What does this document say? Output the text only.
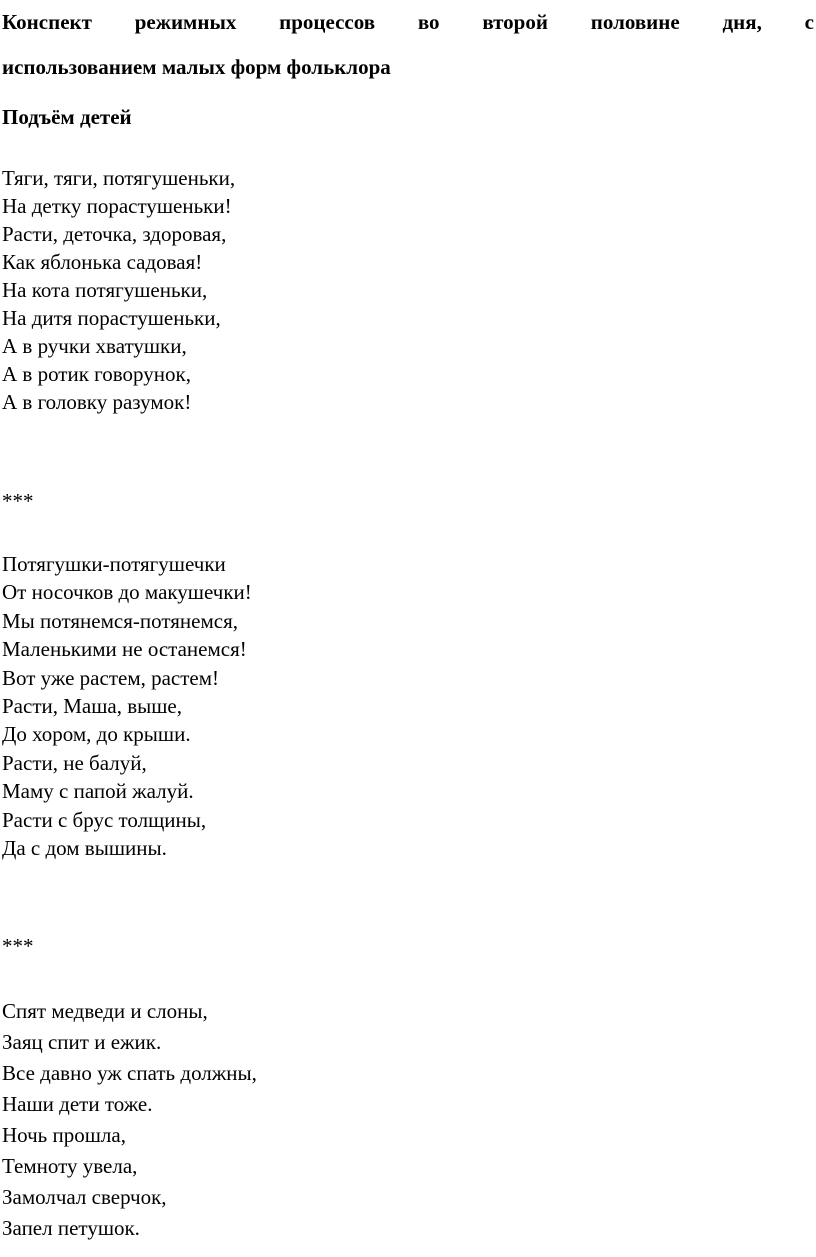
Конспект режимных процессов во второй половине дня, с
использованием малых форм фольклора
Подъём детей
Тяги, тяги, потягушеньки,
На детку порастушеньки!
Расти, деточка, здоровая,
Как яблонька садовая!
На кота потягушеньки,
На дитя порастушеньки,
А в ручки хватушки,
А в ротик говорунок,
А в головку разумок!

***

Потягушки-потягушечки
От носочков до макушечки!
Мы потянемся-потянемся,
Маленькими не останемся!
Вот уже растем, растем!
Расти, Маша, выше,
До хором, до крыши.
Расти, не балуй,
Маму с папой жалуй.
Расти с брус толщины,
Да с дом вышины.

***

Спят медведи и слоны,
Заяц спит и ежик.
Все давно уж спать должны,
Наши дети тоже.
Ночь прошла,
Темноту увела,
Замолчал сверчок,
Запел петушок.
